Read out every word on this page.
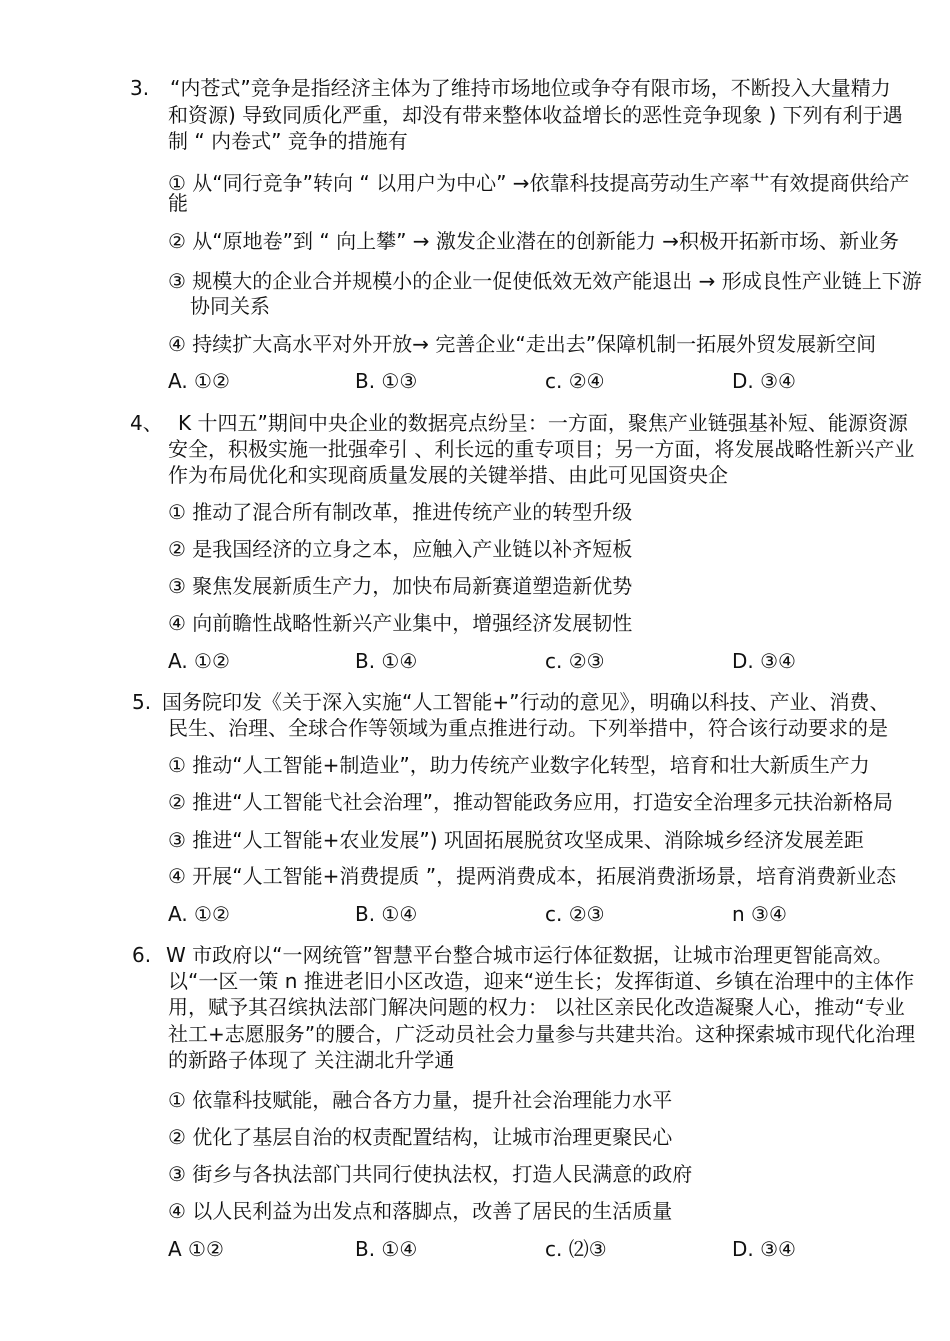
3. “内苍式”竞争是指经济主体为了维持市场地位或争夺有限市场，不断投入大量精力
和资源) 导致同质化严重，却没有带来整体收益增长的恶性竞争现象 ) 下列有利于遇
制 “ 内卷式” 竞争的措施有
① 从“同行竞争”转向 “ 以用户为中心” →依靠科技提高劳动生产率艹有效提商供给产
能
② 从“原地卷”到 “ 向上攀” → 激发企业潜在的创新能力 →积极开拓新市场、新业务
③ 规模大的企业合并规模小的企业一促使低效无效产能退出 → 形成良性产业链上下游
协同关系
④ 持续扩大高水平对外开放→ 完善企业“走出去”保障机制一拓展外贸发展新空间
A. ①②	B. ①③	c. ②④	D. ③④
4、 K 十四五”期间中央企业的数据亮点纷呈：一方面，聚焦产业链强基补短、能源资源
安全，积极实施一批强牵引 、利长远的重专项目；另一方面，将发展战略性新兴产业
作为布局优化和实现商质量发展的关键举措、由此可见国资央企
① 推动了混合所有制改革，推进传统产业的转型升级
② 是我国经济的立身之本，应触入产业链以补齐短板
③ 聚焦发展新质生产力，加快布局新赛道塑造新优势
④ 向前瞻性战略性新兴产业集中，增强经济发展韧性
A. ①②	B. ①④	c. ②③	D. ③④
5. 国务院印发《关于深入实施“人工智能+”行动的意见》，明确以科技、产业、消费、
民生、治理、全球合作等领域为重点推进行动。下列举措中，符合该行动要求的是
① 推动“人工智能+制造业”，助力传统产业数字化转型，培育和壮大新质生产力
② 推进“人工智能弋社会治理”，推动智能政务应用，打造安全治理多元扶治新格局
③ 推进“人工智能+农业发展”) 巩固拓展脱贫攻坚成果、消除城乡经济发展差距
④ 开展“人工智能+消费提质 ”，提两消费成本，拓展消费浙场景，培育消费新业态
A. ①②	B. ①④	c. ②③	n ③④
6. W 市政府以“一网统管”智慧平台整合城市运行体征数据，让城市治理更智能高效。
以“一区一策 n 推进老旧小区改造，迎来“逆生长；发挥街道、乡镇在治理中的主体作
用，赋予其召缤执法部门解决问题的权力： 以社区亲民化改造凝聚人心，推动“专业
社工+志愿服务”的腰合，广泛动员社会力量参与共建共治。这种探索城市现代化治理
的新路子体现了 关注湖北升学通
① 依靠科技赋能，融合各方力量，提升社会治理能力水平
② 优化了基层自治的权责配置结构，让城市治理更聚民心
③ 街乡与各执法部门共同行使执法权，打造人民满意的政府
④ 以人民利益为出发点和落脚点，改善了居民的生活质量
A ①②	B. ①④	c. ⑵③	D. ③④
